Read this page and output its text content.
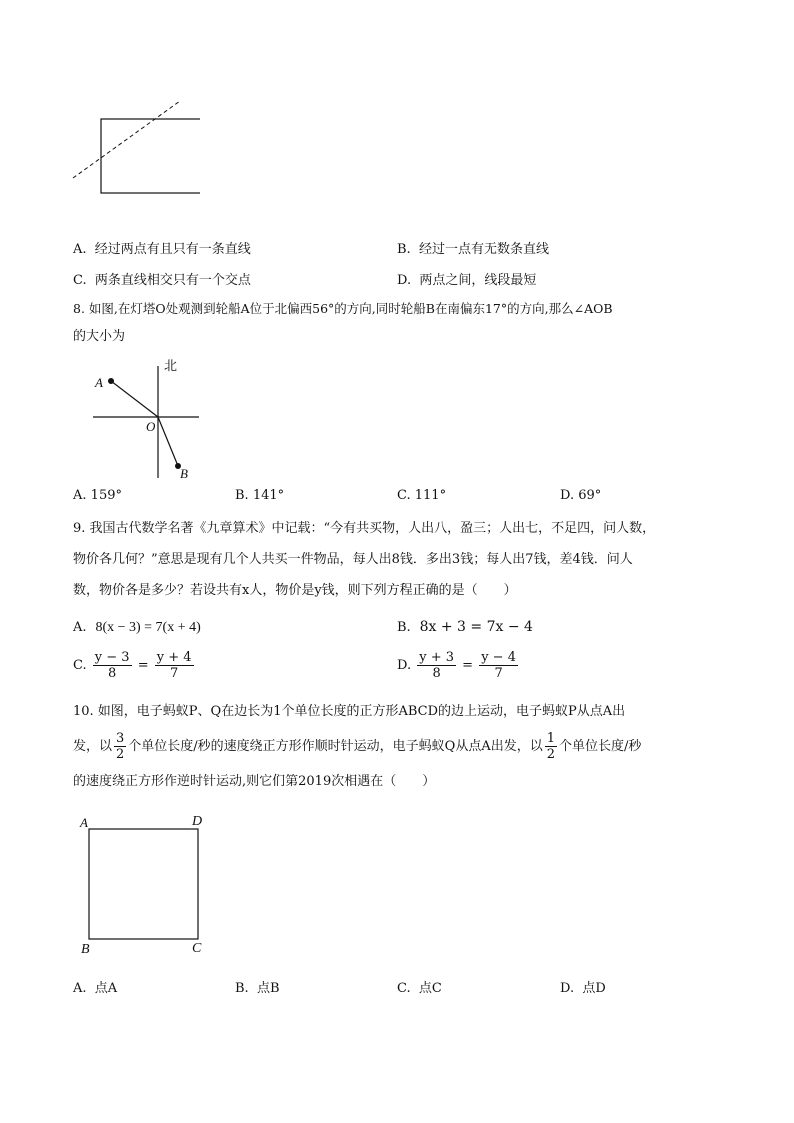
A. 经过两点有且只有一条直线	B. 经过一点有无数条直线
C. 两条直线相交只有一个交点	D. 两点之间，线段最短
8. 如图,在灯塔O处观测到轮船A位于北偏西56°的方向,同时轮船B在南偏东17°的方向,那么∠AOB
的大小为
北
A
O
B
A. 159°	B. 141°	C. 111°	D. 69°
9. 我国古代数学名著《九章算术》中记载：“今有共买物，人出八，盈三；人出七，不足四，问人数，
物价各几何？”意思是现有几个人共买一件物品，每人出8钱．多出3钱；每人出7钱，差4钱．问人
数，物价各是多少？若设共有x人，物价是y钱，则下列方程正确的是（　　）
A. 8(x − 3) = 7(x + 4)	B. 8x + 3 = 7x − 4
C. $\frac{y - 3}{8} = \frac{y + 4}{7}$	D. $\frac{y + 3}{8} = \frac{y - 4}{7}$
10. 如图，电子蚂蚁P、Q在边长为1个单位长度的正方形ABCD的边上运动，电子蚂蚁P从点A出
发，以 $\frac{3}{2}$ 个单位长度/秒的速度绕正方形作顺时针运动，电子蚂蚁Q从点A出发，以 $\frac{1}{2}$ 个单位长度/秒
的速度绕正方形作逆时针运动,则它们第2019次相遇在（　　）
A	D
B	C
A. 点A	B. 点B	C. 点C	D. 点D
